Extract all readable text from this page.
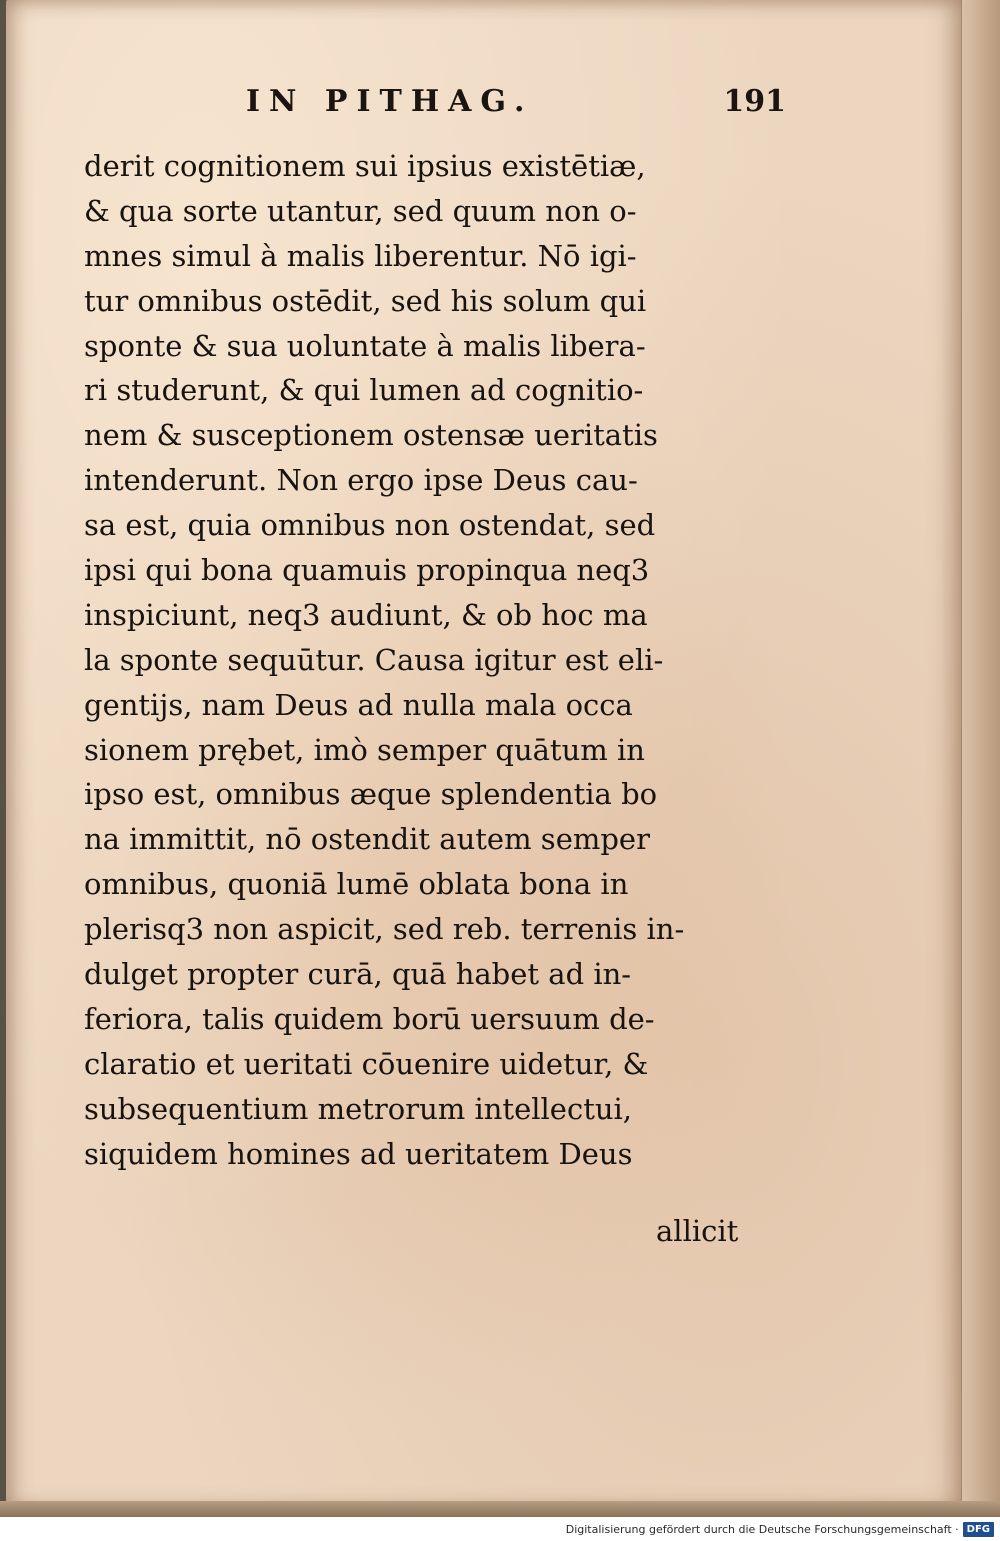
IN PITHAG.	191
derit cognitionem sui ipsius existētiæ,
& qua sorte utantur, sed quum non o-
mnes simul à malis liberentur. Nō igi-
tur omnibus ostēdit, sed his solum qui
sponte & sua uoluntate à malis libera-
ri studerunt, & qui lumen ad cognitio-
nem & susceptionem ostensæ ueritatis
intenderunt. Non ergo ipse Deus cau-
sa est, quia omnibus non ostendat, sed
ipsi qui bona quamuis propinqua neq3
inspiciunt, neq3 audiunt, & ob hoc ma
la sponte sequūtur. Causa igitur est eli-
gentijs, nam Deus ad nulla mala occa
sionem prębet, imò semper quātum in
ipso est, omnibus æque splendentia bo
na immittit, nō ostendit autem semper
omnibus, quoniā lumē oblata bona in
plerisq3 non aspicit, sed reb. terrenis in-
dulget propter curā, quā habet ad in-
feriora, talis quidem borū uersuum de-
claratio et ueritati cōuenire uidetur, &
subsequentium metrorum intellectui,
siquidem homines ad ueritatem Deus
allicit
Digitalisierung gefördert durch die Deutsche Forschungsgemeinschaft · DFG
